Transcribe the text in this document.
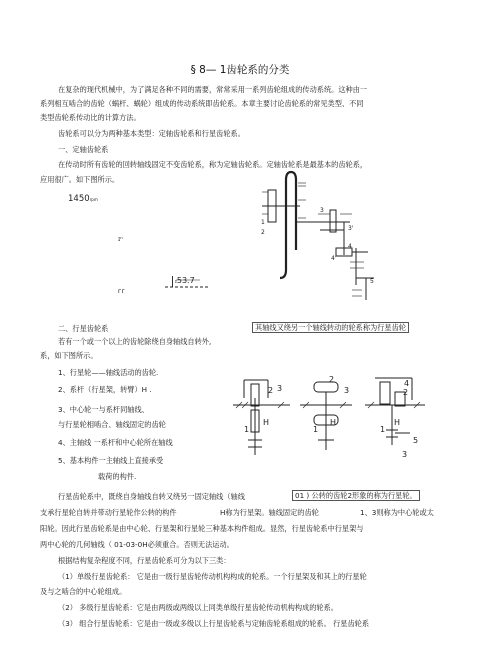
§ 8— 1齿轮系的分类
在复杂的现代机械中，为了满足各种不同的需要，常常采用一系列齿轮组成的传动系统。这种由一
系列相互啮合的齿轮（蜗杆、蜗轮）组成的传动系统即齿轮系。本章主要讨论齿轮系的常见类型、不同
类型齿轮系传动比的计算方法。
齿轮系可以分为两种基本类型：定轴齿轮系和行星齿轮系。
一、定轴齿轮系
在传动时所有齿轮的回转轴线固定不变齿轮系，称为定轴齿轮系。定轴齿轮系是最基本的齿轮系，
应用很广。如下图所示。
1450rpm
ɪⁿ
ɪ53.7
ᴦᴦ
1
2
3
3'
4
4'
5
二、行星齿轮系	其轴线又绕另一个轴线转动的轮系称为行星齿轮
若有一个或一个以上的齿轮除绕自身轴线自转外,
系，如下图所示。
1、行星轮——轴线活动的齿轮.
2、系杆（行星架，转臂）H .
3、中心轮一与系杆同轴线、
与行星轮相啮合、轴线固定的齿轮
4、主轴线 一系杆和中心轮所在轴线
5、基本构件一主轴线上直接承受
载荷的构件.
2 3
H
1
2
3
H
1
2
4
H
1
5
3
行星齿轮系中，既绕自身轴线自转又绕另一固定轴线（轴线	01 ) 公转的齿轮2形象的称为行星轮。
支承行星轮自转并带动行星轮作公转的构件	H称为行星架。轴线固定的齿轮	1、3则称为中心轮或太
阳轮。因此行星齿轮系是由中心轮、行星架和行星轮三种基本构件组成。显然，行星齿轮系中行星架与
两中心轮的几何轴线（ 01-03-0H必须重合。否则无法运动。
根据结构复杂程度不同，行星齿轮系可分为以下三类：
（1）单级行星齿轮系： 它是由一级行星齿轮传动机构构成的轮系。一个行星架及和其上的行星轮
及与之啮合的中心轮组成。
（2） 多级行星齿轮系：它是由两级或两级以上同类单级行星齿轮传动机构构成的轮系。
（3） 组合行星齿轮系：它是由一级或多级以上行星齿轮系与定轴齿轮系组成的轮系。 行星齿轮系
